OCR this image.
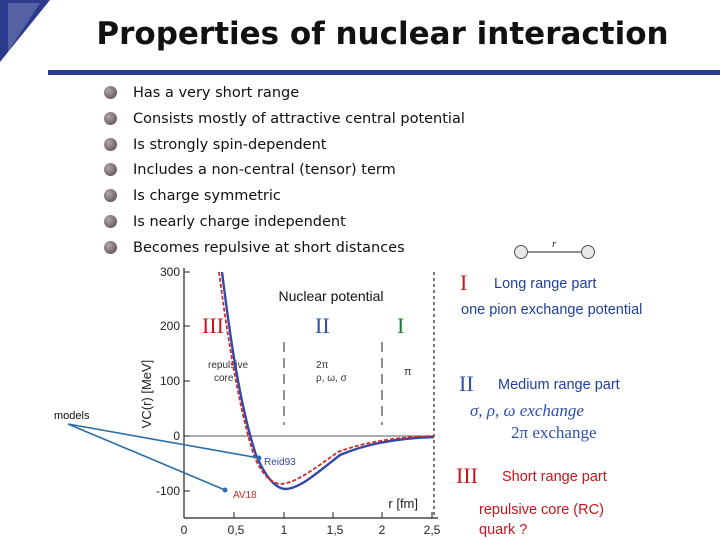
Properties of nuclear interaction
Has a very short range
Consists mostly of attractive central potential
Is strongly spin-dependent
Includes a non-central (tensor) term
Is charge symmetric
Is nearly charge independent
Becomes repulsive at short distances
300
200
100
0
-100
0	0,5	1	1,5	2	2,5
VC(r) [MeV]
r [fm]
III	II	I
repulsive
core
2π
ρ, ω, σ
π
Nuclear potential
Reid93
AV18
models
r
I Long range part
one pion exchange potential
II Medium range part
σ, ρ, ω exchange
2π exchange
III Short range part
repulsive core (RC)
quark ?
